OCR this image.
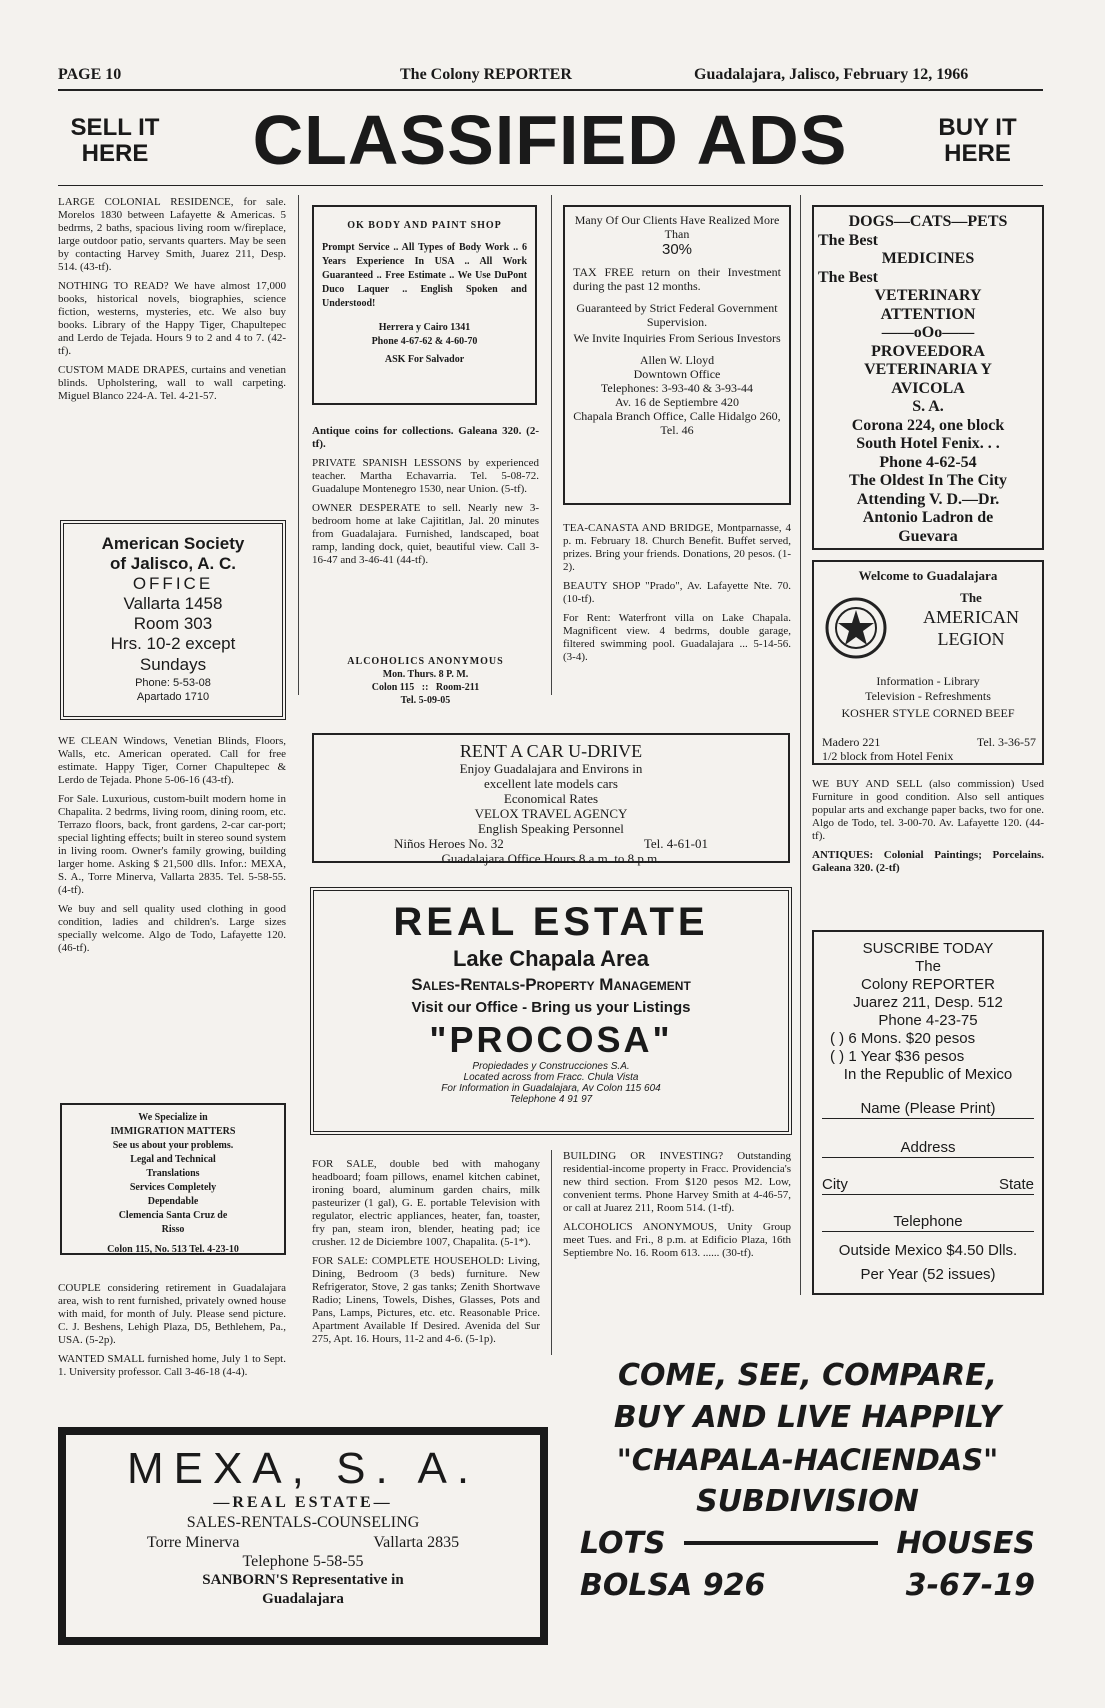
PAGE 10	The Colony REPORTER	Guadalajara, Jalisco, February 12, 1966
SELL IT
HERE	CLASSIFIED ADS	BUY IT
HERE

LARGE COLONIAL RESIDENCE, for sale. Morelos 1830 between Lafayette & Americas. 5 bedrms, 2 baths, spacious living room w/fireplace, large outdoor patio, servants quarters. May be seen by contacting Harvey Smith, Juarez 211, Desp. 514. (43-tf).

NOTHING TO READ? We have almost 17,000 books, historical novels, biographies, science fiction, westerns, mysteries, etc. We also buy books. Library of the Happy Tiger, Chapultepec and Lerdo de Tejada. Hours 9 to 2 and 4 to 7. (42-tf).

CUSTOM MADE DRAPES, curtains and venetian blinds. Upholstering, wall to wall carpeting. Miguel Blanco 224-A. Tel. 4-21-57.

American Society
of Jalisco, A. C.
OFFICE
Vallarta 1458
Room 303
Hrs. 10-2 except
Sundays
Phone: 5-53-08
Apartado 1710

WE CLEAN Windows, Venetian Blinds, Floors, Walls, etc. American operated. Call for free estimate. Happy Tiger, Corner Chapultepec & Lerdo de Tejada. Phone 5-06-16 (43-tf).

For Sale. Luxurious, custom-built modern home in Chapalita. 2 bedrms, living room, dining room, etc. Terrazo floors, back, front gardens, 2-car car-port; special lighting effects; built in stereo sound system in living room. Owner's family growing, building larger home. Asking $ 21,500 dlls. Infor.: MEXA, S. A., Torre Minerva, Vallarta 2835. Tel. 5-58-55. (4-tf).

We buy and sell quality used clothing in good condition, ladies and children's. Large sizes specially welcome. Algo de Todo, Lafayette 120. (46-tf).

We Specialize in
IMMIGRATION MATTERS
See us about your problems.
Legal and Technical
Translations
Services Completely
Dependable
Clemencia Santa Cruz de
Risso
Colon 115, No. 513 Tel. 4-23-10

COUPLE considering retirement in Guadalajara area, wish to rent furnished, privately owned house with maid, for month of July. Please send picture. C. J. Beshens, Lehigh Plaza, D5, Bethlehem, Pa., USA. (5-2p).

WANTED SMALL furnished home, July 1 to Sept. 1. University professor. Call 3-46-18 (4-4).

OK BODY AND PAINT SHOP
Prompt Service .. All Types of Body Work .. 6 Years Experience In USA .. All Work Guaranteed .. Free Estimate .. We Use DuPont Duco Laquer .. English Spoken and Understood!
Herrera y Cairo 1341
Phone 4-67-62 & 4-60-70
ASK For Salvador

Antique coins for collections. Galeana 320. (2-tf).

PRIVATE SPANISH LESSONS by experienced teacher. Martha Echavarria. Tel. 5-08-72. Guadalupe Montenegro 1530, near Union. (5-tf).

OWNER DESPERATE to sell. Nearly new 3-bedroom home at lake Cajititlan, Jal. 20 minutes from Guadalajara. Furnished, landscaped, boat ramp, landing dock, quiet, beautiful view. Call 3-16-47 and 3-46-41 (44-tf).

ALCOHOLICS ANONYMOUS
Mon. Thurs. 8 P. M.
Colon 115 :: Room-211
Tel. 5-09-05
Many Of Our Clients Have Realized More Than
30%
TAX FREE return on their Investment during the past 12 months.
Guaranteed by Strict Federal Government Supervision.
We Invite Inquiries From Serious Investors
Allen W. Lloyd
Downtown Office
Telephones: 3-93-40 & 3-93-44
Av. 16 de Septiembre 420
Chapala Branch Office, Calle Hidalgo 260, Tel. 46

TEA-CANASTA AND BRIDGE, Montparnasse, 4 p. m. February 18. Church Benefit. Buffet served, prizes. Bring your friends. Donations, 20 pesos. (1-2).

BEAUTY SHOP "Prado", Av. Lafayette Nte. 70. (10-tf).

For Rent: Waterfront villa on Lake Chapala. Magnificent view. 4 bedrms, double garage, filtered swimming pool. Guadalajara ... 5-14-56. (3-4).

DOGS—CATS—PETS
The Best
MEDICINES
The Best
VETERINARY
ATTENTION
——oOo——
PROVEEDORA
VETERINARIA Y
AVICOLA
S. A.
Corona 224, one block
South Hotel Fenix. . .
Phone 4-62-54
The Oldest In The City
Attending V. D.—Dr.
Antonio Ladron de
Guevara
Welcome to Guadalajara
The
AMERICAN
LEGION
Information - Library
Television - Refreshments
KOSHER STYLE CORNED BEEF
Madero 221	Tel. 3-36-57
1/2 block from Hotel Fenix

WE BUY AND SELL (also commission) Used Furniture in good condition. Also sell antiques popular arts and exchange paper backs, two for one. Algo de Todo, tel. 3-00-70. Av. Lafayette 120. (44-tf).

ANTIQUES: Colonial Paintings; Porcelains. Galeana 320. (2-tf)

SUSCRIBE TODAY
The
Colony REPORTER
Juarez 211, Desp. 512
Phone 4-23-75
( ) 6 Mons. $20 pesos
( ) 1 Year $36 pesos
In the Republic of Mexico
Name (Please Print)
Address
City	State
Telephone
Outside Mexico $4.50 Dlls.
Per Year (52 issues)
RENT A CAR U-DRIVE
Enjoy Guadalajara and Environs in
excellent late models cars
Economical Rates
VELOX TRAVEL AGENCY
English Speaking Personnel
Niños Heroes No. 32	Tel. 4-61-01
Guadalajara Office Hours 8 a.m. to 8 p.m.
REAL ESTATE
Lake Chapala Area
Sales-Rentals-Property Management
Visit our Office - Bring us your Listings
"PROCOSA"
Propiedades y Construcciones S.A.
Located across from Fracc. Chula Vista
For Information in Guadalajara, Av Colon 115 604
Telephone 4 91 97

FOR SALE, double bed with mahogany headboard; foam pillows, enamel kitchen cabinet, ironing board, aluminum garden chairs, milk pasteurizer (1 gal), G. E. portable Television with regulator, electric appliances, heater, fan, toaster, fry pan, steam iron, blender, heating pad; ice crusher. 12 de Diciembre 1007, Chapalita. (5-1*).

FOR SALE: COMPLETE HOUSEHOLD: Living, Dining, Bedroom (3 beds) furniture. New Refrigerator, Stove, 2 gas tanks; Zenith Shortwave Radio; Linens, Towels, Dishes, Glasses, Pots and Pans, Lamps, Pictures, etc. etc. Reasonable Price. Apartment Available If Desired. Avenida del Sur 275, Apt. 16. Hours, 11-2 and 4-6. (5-1p).

BUILDING OR INVESTING? Outstanding residential-income property in Fracc. Providencia's new third section. From $120 pesos M2. Low, convenient terms. Phone Harvey Smith at 4-46-57, or call at Juarez 211, Room 514. (1-tf).

ALCOHOLICS ANONYMOUS, Unity Group meet Tues. and Fri., 8 p.m. at Edificio Plaza, 16th Septiembre No. 16. Room 613. ...... (30-tf).

MEXA, S. A.
—REAL ESTATE—
SALES-RENTALS-COUNSELING
Torre Minerva	Vallarta 2835
Telephone 5-58-55
SANBORN'S Representative in
Guadalajara
COME, SEE, COMPARE,
BUY AND LIVE HAPPILY
"CHAPALA-HACIENDAS"
SUBDIVISION
LOTS	HOUSES
BOLSA 926	3-67-19
